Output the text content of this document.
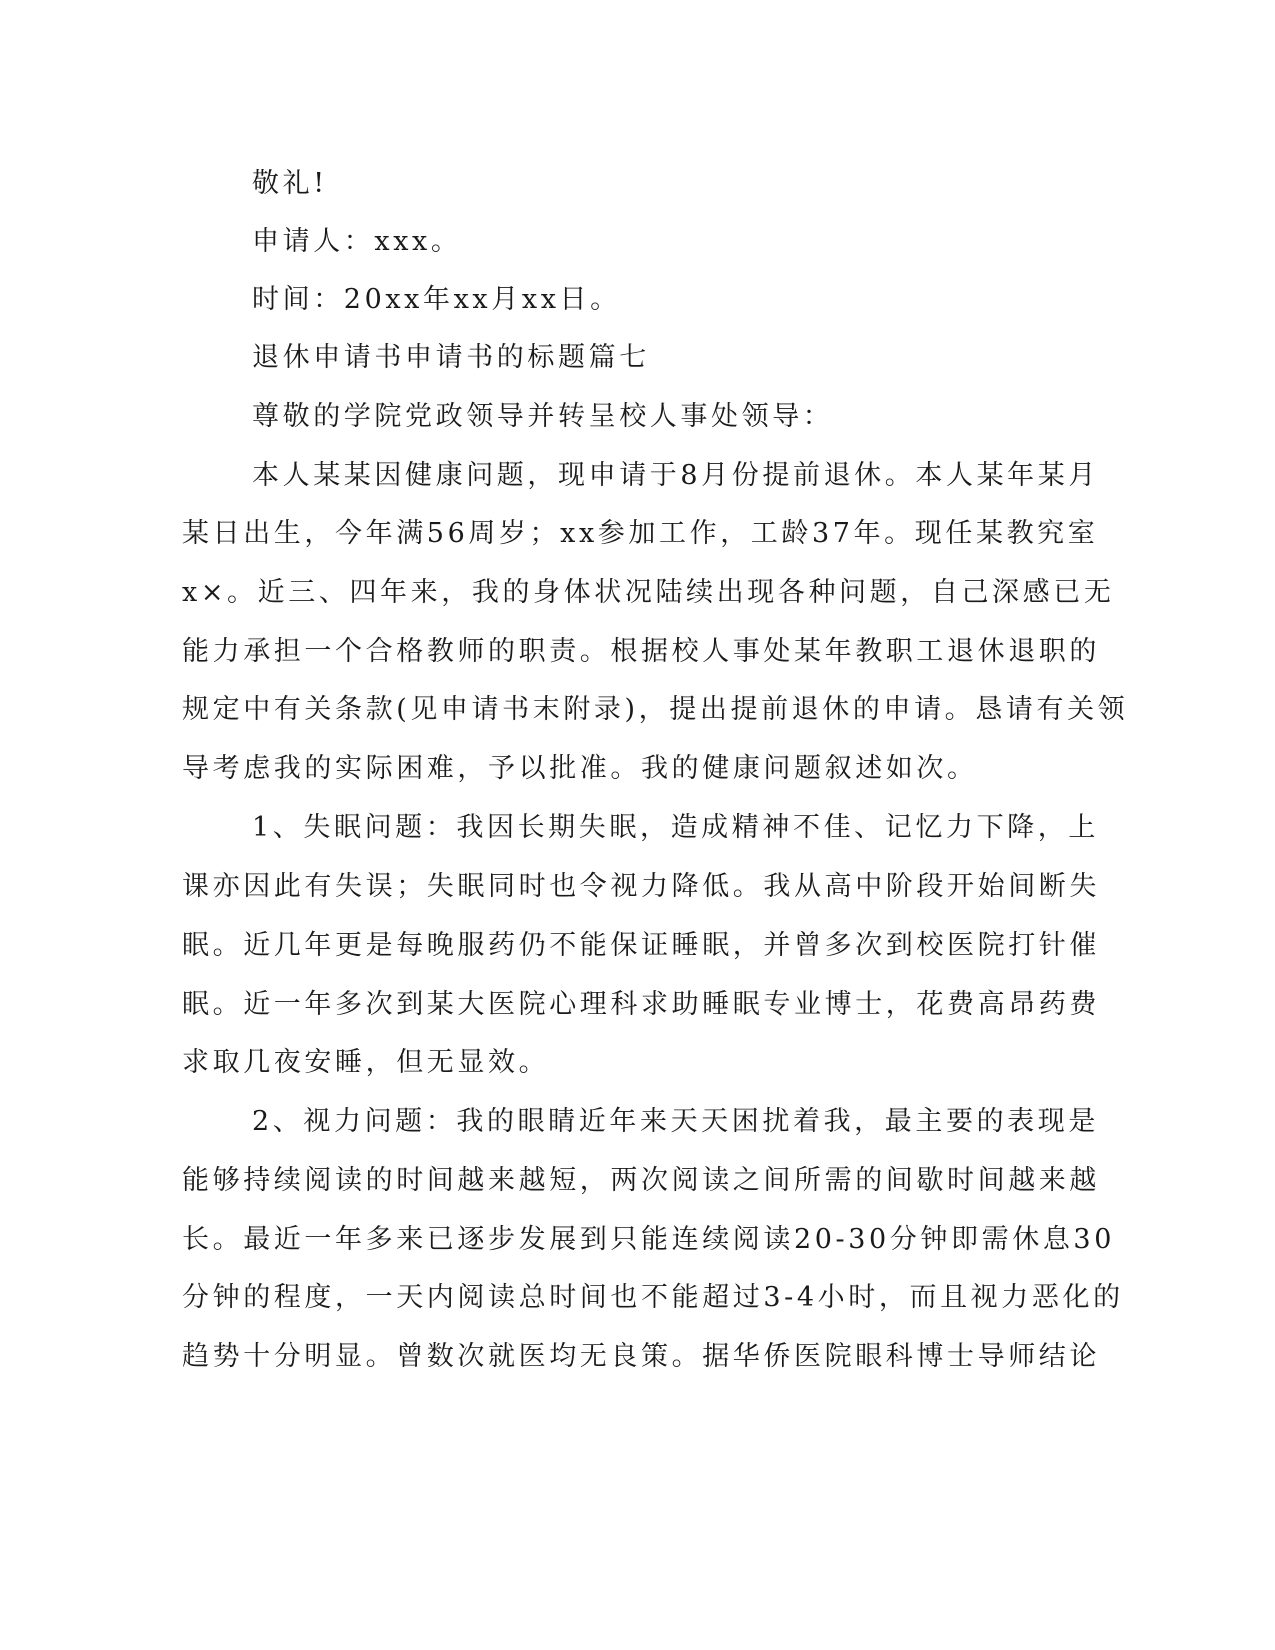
敬礼!
申请人：xxx。
时间：20xx年xx月xx日。
退休申请书申请书的标题篇七
尊敬的学院党政领导并转呈校人事处领导：
本人某某因健康问题，现申请于8月份提前退休。本人某年某月
某日出生，今年满56周岁；xx参加工作，工龄37年。现任某教究室
x×。近三、四年来，我的身体状况陆续出现各种问题，自己深感已无
能力承担一个合格教师的职责。根据校人事处某年教职工退休退职的
规定中有关条款(见申请书末附录)，提出提前退休的申请。恳请有关领
导考虑我的实际困难，予以批准。我的健康问题叙述如次。
1、失眠问题：我因长期失眠，造成精神不佳、记忆力下降，上
课亦因此有失误；失眠同时也令视力降低。我从高中阶段开始间断失
眠。近几年更是每晚服药仍不能保证睡眠，并曾多次到校医院打针催
眠。近一年多次到某大医院心理科求助睡眠专业博士，花费高昂药费
求取几夜安睡，但无显效。
2、视力问题：我的眼睛近年来天天困扰着我，最主要的表现是
能够持续阅读的时间越来越短，两次阅读之间所需的间歇时间越来越
长。最近一年多来已逐步发展到只能连续阅读20-30分钟即需休息30
分钟的程度，一天内阅读总时间也不能超过3-4小时，而且视力恶化的
趋势十分明显。曾数次就医均无良策。据华侨医院眼科博士导师结论
